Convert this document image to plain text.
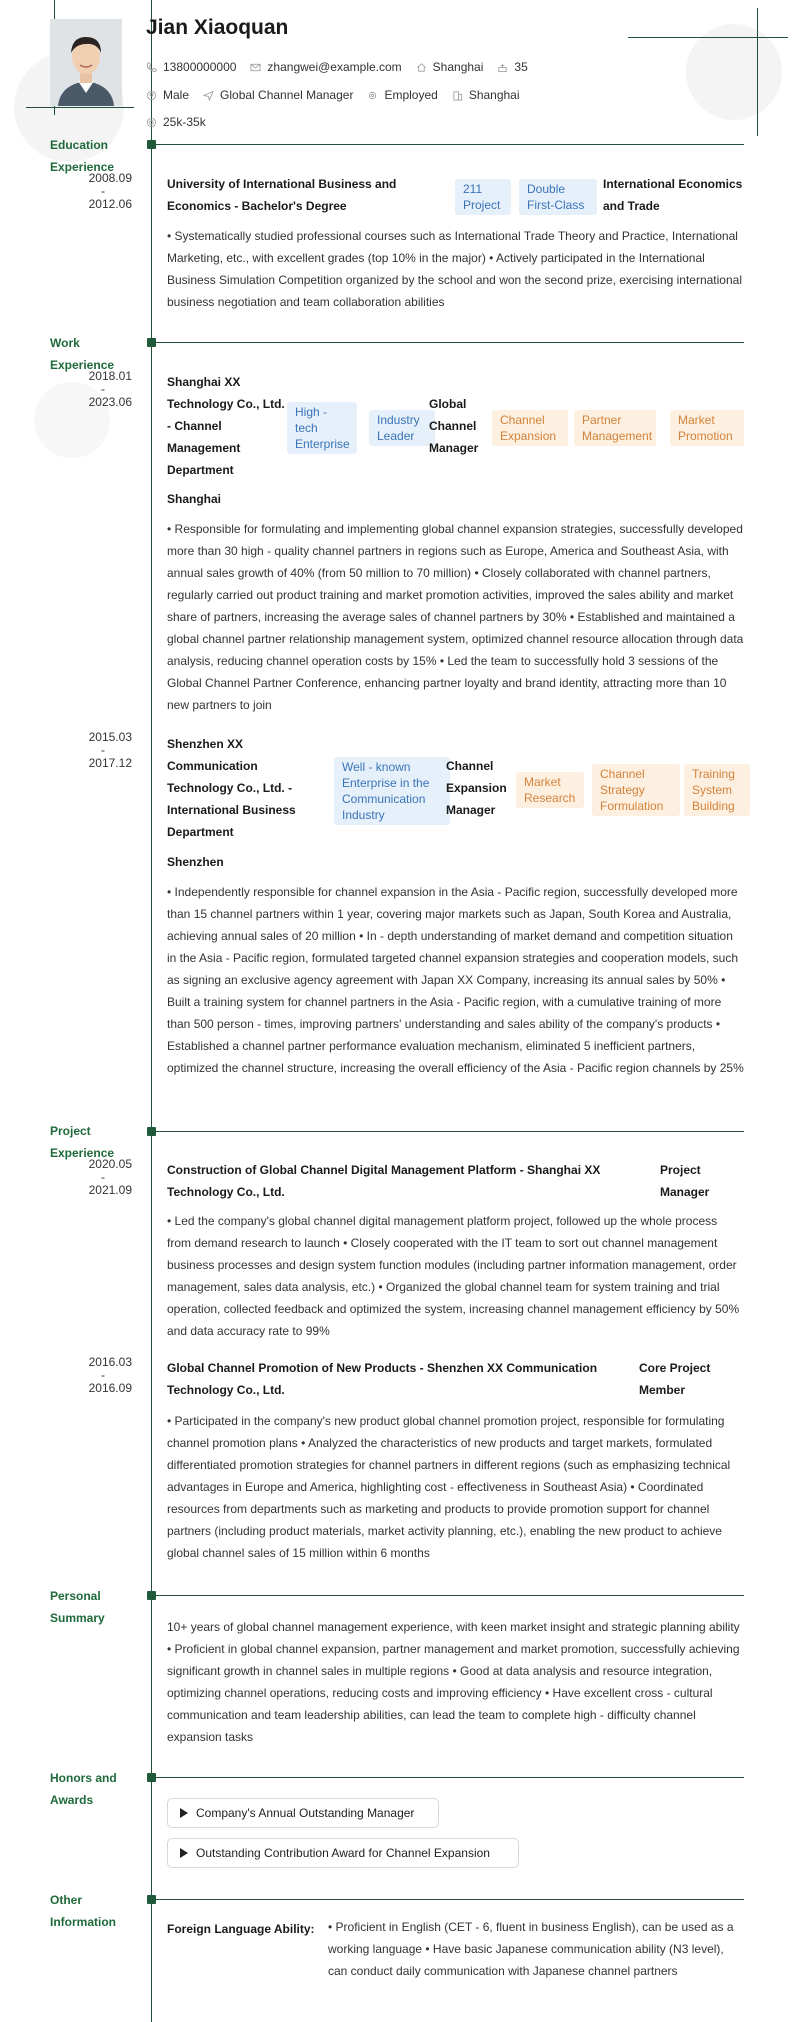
Jian Xiaoquan
13800000000	zhangwei@example.com	Shanghai	35
Male	Global Channel Manager	Employed	Shanghai
25k-35k
Education Experience
2008.09
-
2012.06
University of International Business and Economics - Bachelor's Degree
211 Project
Double First-Class
International Economics and Trade
• Systematically studied professional courses such as International Trade Theory and Practice, International Marketing, etc., with excellent grades (top 10% in the major) • Actively participated in the International Business Simulation Competition organized by the school and won the second prize, exercising international business negotiation and team collaboration abilities
Work Experience
2018.01
-
2023.06
Shanghai XX Technology Co., Ltd. - Channel Management Department
High - tech Enterprise
Industry Leader
Global Channel Manager
Channel Expansion
Partner Management
Market Promotion
Shanghai
• Responsible for formulating and implementing global channel expansion strategies, successfully developed more than 30 high - quality channel partners in regions such as Europe, America and Southeast Asia, with annual sales growth of 40% (from 50 million to 70 million) • Closely collaborated with channel partners, regularly carried out product training and market promotion activities, improved the sales ability and market share of partners, increasing the average sales of channel partners by 30% • Established and maintained a global channel partner relationship management system, optimized channel resource allocation through data analysis, reducing channel operation costs by 15% • Led the team to successfully hold 3 sessions of the Global Channel Partner Conference, enhancing partner loyalty and brand identity, attracting more than 10 new partners to join
2015.03
-
2017.12
Shenzhen XX Communication Technology Co., Ltd. - International Business Department
Well - known Enterprise in the Communication Industry
Channel Expansion Manager
Market Research
Channel Strategy Formulation
Training System Building
Shenzhen
• Independently responsible for channel expansion in the Asia - Pacific region, successfully developed more than 15 channel partners within 1 year, covering major markets such as Japan, South Korea and Australia, achieving annual sales of 20 million • In - depth understanding of market demand and competition situation in the Asia - Pacific region, formulated targeted channel expansion strategies and cooperation models, such as signing an exclusive agency agreement with Japan XX Company, increasing its annual sales by 50% • Built a training system for channel partners in the Asia - Pacific region, with a cumulative training of more than 500 person - times, improving partners' understanding and sales ability of the company's products • Established a channel partner performance evaluation mechanism, eliminated 5 inefficient partners, optimized the channel structure, increasing the overall efficiency of the Asia - Pacific region channels by 25%
Project Experience
2020.05
-
2021.09
Construction of Global Channel Digital Management Platform - Shanghai XX Technology Co., Ltd.
Project Manager
• Led the company's global channel digital management platform project, followed up the whole process from demand research to launch • Closely cooperated with the IT team to sort out channel management business processes and design system function modules (including partner information management, order management, sales data analysis, etc.) • Organized the global channel team for system training and trial operation, collected feedback and optimized the system, increasing channel management efficiency by 50% and data accuracy rate to 99%
2016.03
-
2016.09
Global Channel Promotion of New Products - Shenzhen XX Communication Technology Co., Ltd.
Core Project Member
• Participated in the company's new product global channel promotion project, responsible for formulating channel promotion plans • Analyzed the characteristics of new products and target markets, formulated differentiated promotion strategies for channel partners in different regions (such as emphasizing technical advantages in Europe and America, highlighting cost - effectiveness in Southeast Asia) • Coordinated resources from departments such as marketing and products to provide promotion support for channel partners (including product materials, market activity planning, etc.), enabling the new product to achieve global channel sales of 15 million within 6 months
Personal Summary
10+ years of global channel management experience, with keen market insight and strategic planning ability • Proficient in global channel expansion, partner management and market promotion, successfully achieving significant growth in channel sales in multiple regions • Good at data analysis and resource integration, optimizing channel operations, reducing costs and improving efficiency • Have excellent cross - cultural communication and team leadership abilities, can lead the team to complete high - difficulty channel expansion tasks
Honors and Awards
Company's Annual Outstanding Manager
Outstanding Contribution Award for Channel Expansion
Other Information	Foreign Language Ability: • Proficient in English (CET - 6, fluent in business English), can be used as a working language • Have basic Japanese communication ability (N3 level), can conduct daily communication with Japanese channel partners
